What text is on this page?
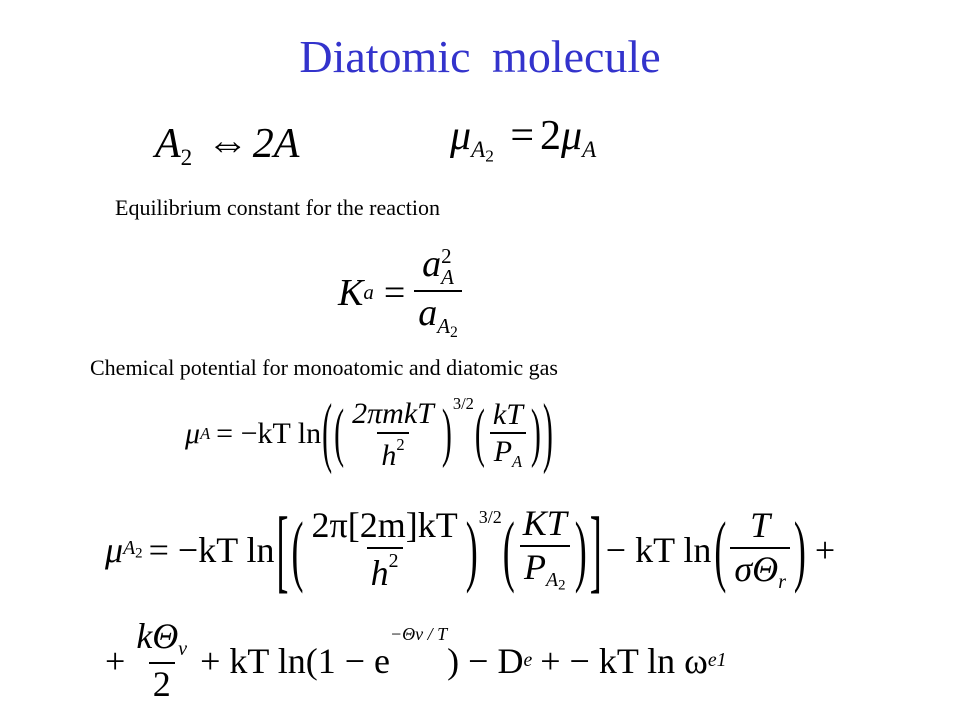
Diatomic molecule
$A_2$ ⇔2A	$\mu_{A2} = 2\mu_A$
Equilibrium constant for the reaction
K a = a 2
A
$a_{A2}$
Chemical potential for monoatomic and diatomic gas
μ A = −kT ln ( ( $\frac{\text{2πmkT}}{h^2}$ ) 3/2 ( $\frac{kT}{P_A}$ ) )
μ A2 = −kT ln [ ( $\frac{2\pi[2m]kT}{h^2}$ ) 3/2 ( $\frac{KT}{P_{A2}}$ ) ] − kT ln ( $\frac{T}{\sigma\Theta_r}$ ) +
+ $\frac{k\Theta_\nu}{2}$ + kT ln(1 − e
−Θν / T
) − D e + − kT ln ω e1
